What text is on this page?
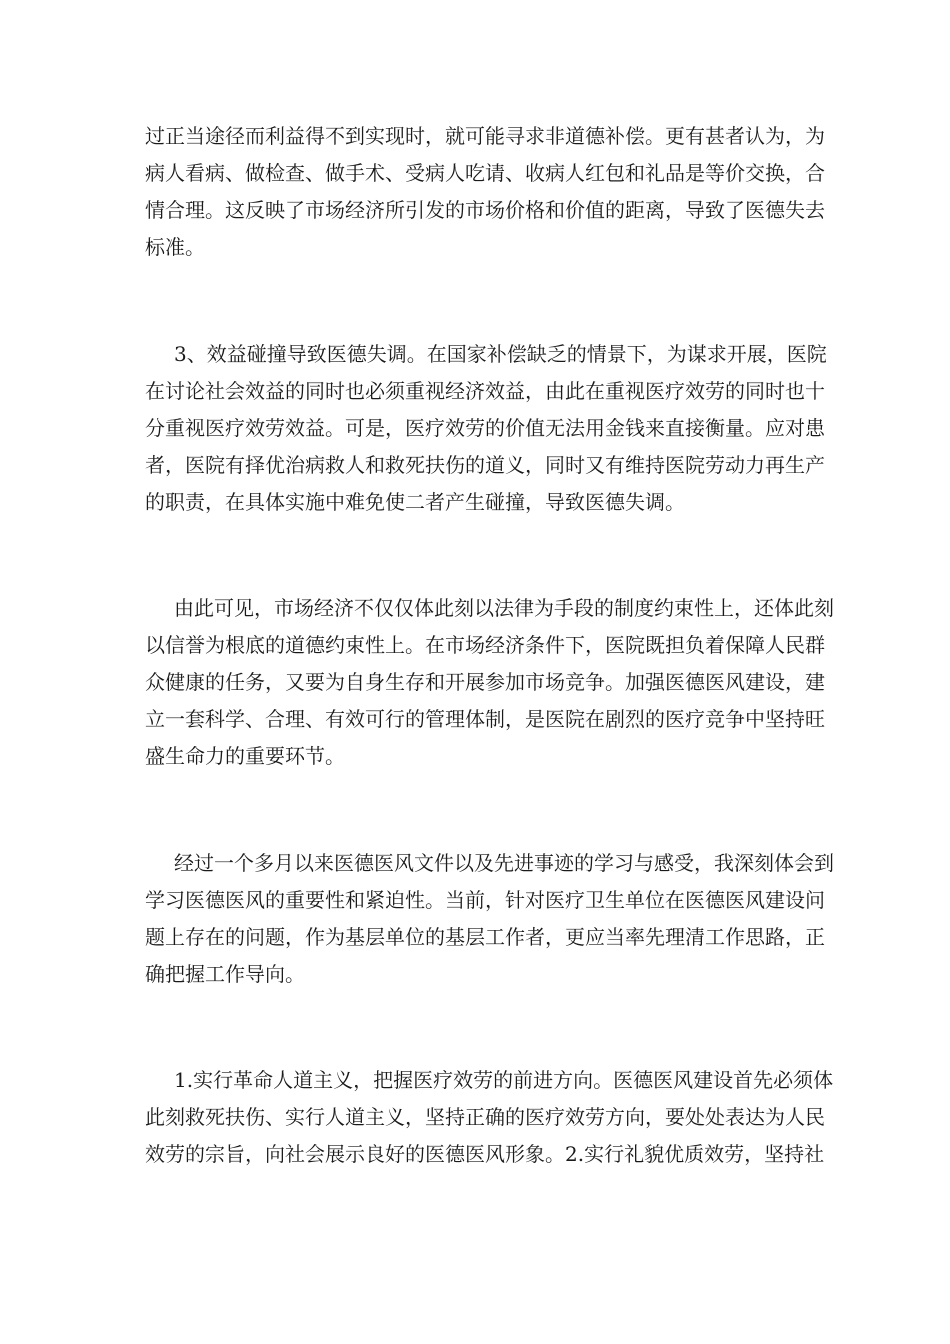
过正当途径而利益得不到实现时，就可能寻求非道德补偿。更有甚者认为，为
病人看病、做检查、做手术、受病人吃请、收病人红包和礼品是等价交换，合
情合理。这反映了市场经济所引发的市场价格和价值的距离，导致了医德失去
标准。
3、效益碰撞导致医德失调。在国家补偿缺乏的情景下，为谋求开展，医院
在讨论社会效益的同时也必须重视经济效益，由此在重视医疗效劳的同时也十
分重视医疗效劳效益。可是，医疗效劳的价值无法用金钱来直接衡量。应对患
者，医院有择优治病救人和救死扶伤的道义，同时又有维持医院劳动力再生产
的职责，在具体实施中难免使二者产生碰撞，导致医德失调。
由此可见，市场经济不仅仅体此刻以法律为手段的制度约束性上，还体此刻
以信誉为根底的道德约束性上。在市场经济条件下，医院既担负着保障人民群
众健康的任务，又要为自身生存和开展参加市场竞争。加强医德医风建设，建
立一套科学、合理、有效可行的管理体制，是医院在剧烈的医疗竞争中坚持旺
盛生命力的重要环节。
经过一个多月以来医德医风文件以及先进事迹的学习与感受，我深刻体会到
学习医德医风的重要性和紧迫性。当前，针对医疗卫生单位在医德医风建设问
题上存在的问题，作为基层单位的基层工作者，更应当率先理清工作思路，正
确把握工作导向。
1.实行革命人道主义，把握医疗效劳的前进方向。医德医风建设首先必须体
此刻救死扶伤、实行人道主义，坚持正确的医疗效劳方向，要处处表达为人民
效劳的宗旨，向社会展示良好的医德医风形象。2.实行礼貌优质效劳，坚持社
